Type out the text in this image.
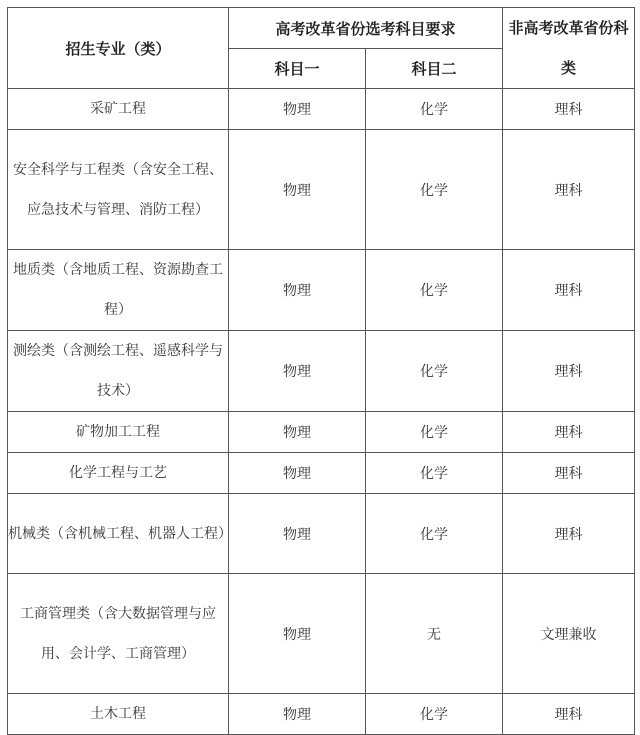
招生专业（类）	高考改革省份选考科目要求		非高考改革省份科类
	科目一	科目二	
采矿工程	物理	化学	理科
安全科学与工程类（含安全工程、应急技术与管理、消防工程）	物理	化学	理科
地质类（含地质工程、资源勘查工程）	物理	化学	理科
测绘类（含测绘工程、遥感科学与技术）	物理	化学	理科
矿物加工工程	物理	化学	理科
化学工程与工艺	物理	化学	理科
机械类（含机械工程、机器人工程）	物理	化学	理科
工商管理类（含大数据管理与应用、会计学、工商管理）	物理	无	文理兼收
土木工程	物理	化学	理科
